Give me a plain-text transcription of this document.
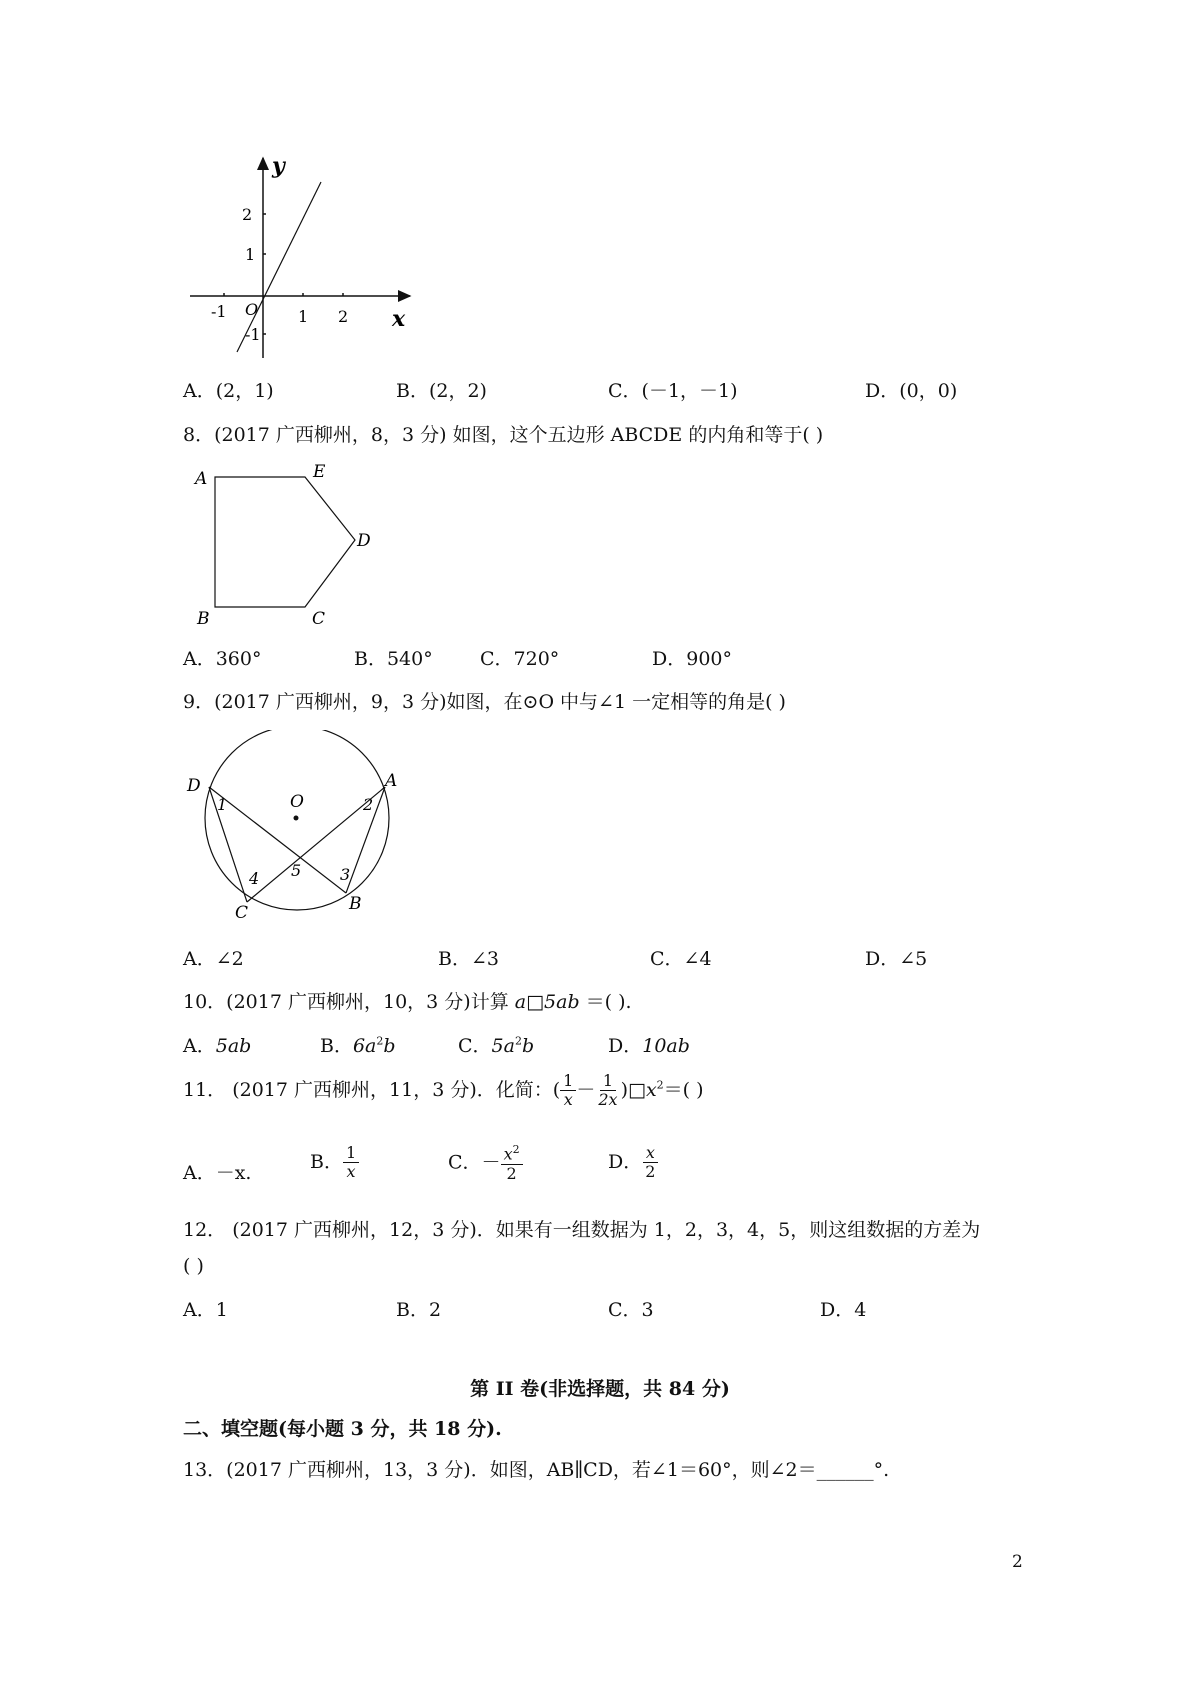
y
x
O
-1	1 2
2
1
-1
A．(2，1)	B．(2，2)	C．(－1，－1)	D．(0，0)
8．(2017 广西柳州，8，3 分) 如图，这个五边形 ABCDE 的内角和等于( )
A	E
D
C
B
A．360°	B．540° C．720°	D．900°
9．(2017 广西柳州，9，3 分)如图，在⊙O 中与∠1 一定相等的角是( )
O
D	A
C	B
1	2
3
4 5
A．∠2	B．∠3	C．∠4	D．∠5
10．(2017 广西柳州，10，3 分)计算 a□5ab ＝( ).
A．5ab	B．$6a^2b$	C．$5a^2b$	D．10ab
11． (2017 广西柳州，11，3 分)．化简：( $\frac{1}{x} - \frac{1}{2x}$ )$□x^2=$( )
A．－x.
B． $\frac{1}{x}$	C．－ $\frac{x^2}{2}$	D． $\frac{x}{2}$
12． (2017 广西柳州，12，3 分)．如果有一组数据为 1，2，3，4，5，则这组数据的方差为
( )
A．1	B．2	C．3	D．4
第 II 卷(非选择题，共 84 分)
二、填空题(每小题 3 分，共 18 分).
13．(2017 广西柳州，13，3 分)．如图，AB∥CD，若∠1＝60°，则∠2＝______°.
2
